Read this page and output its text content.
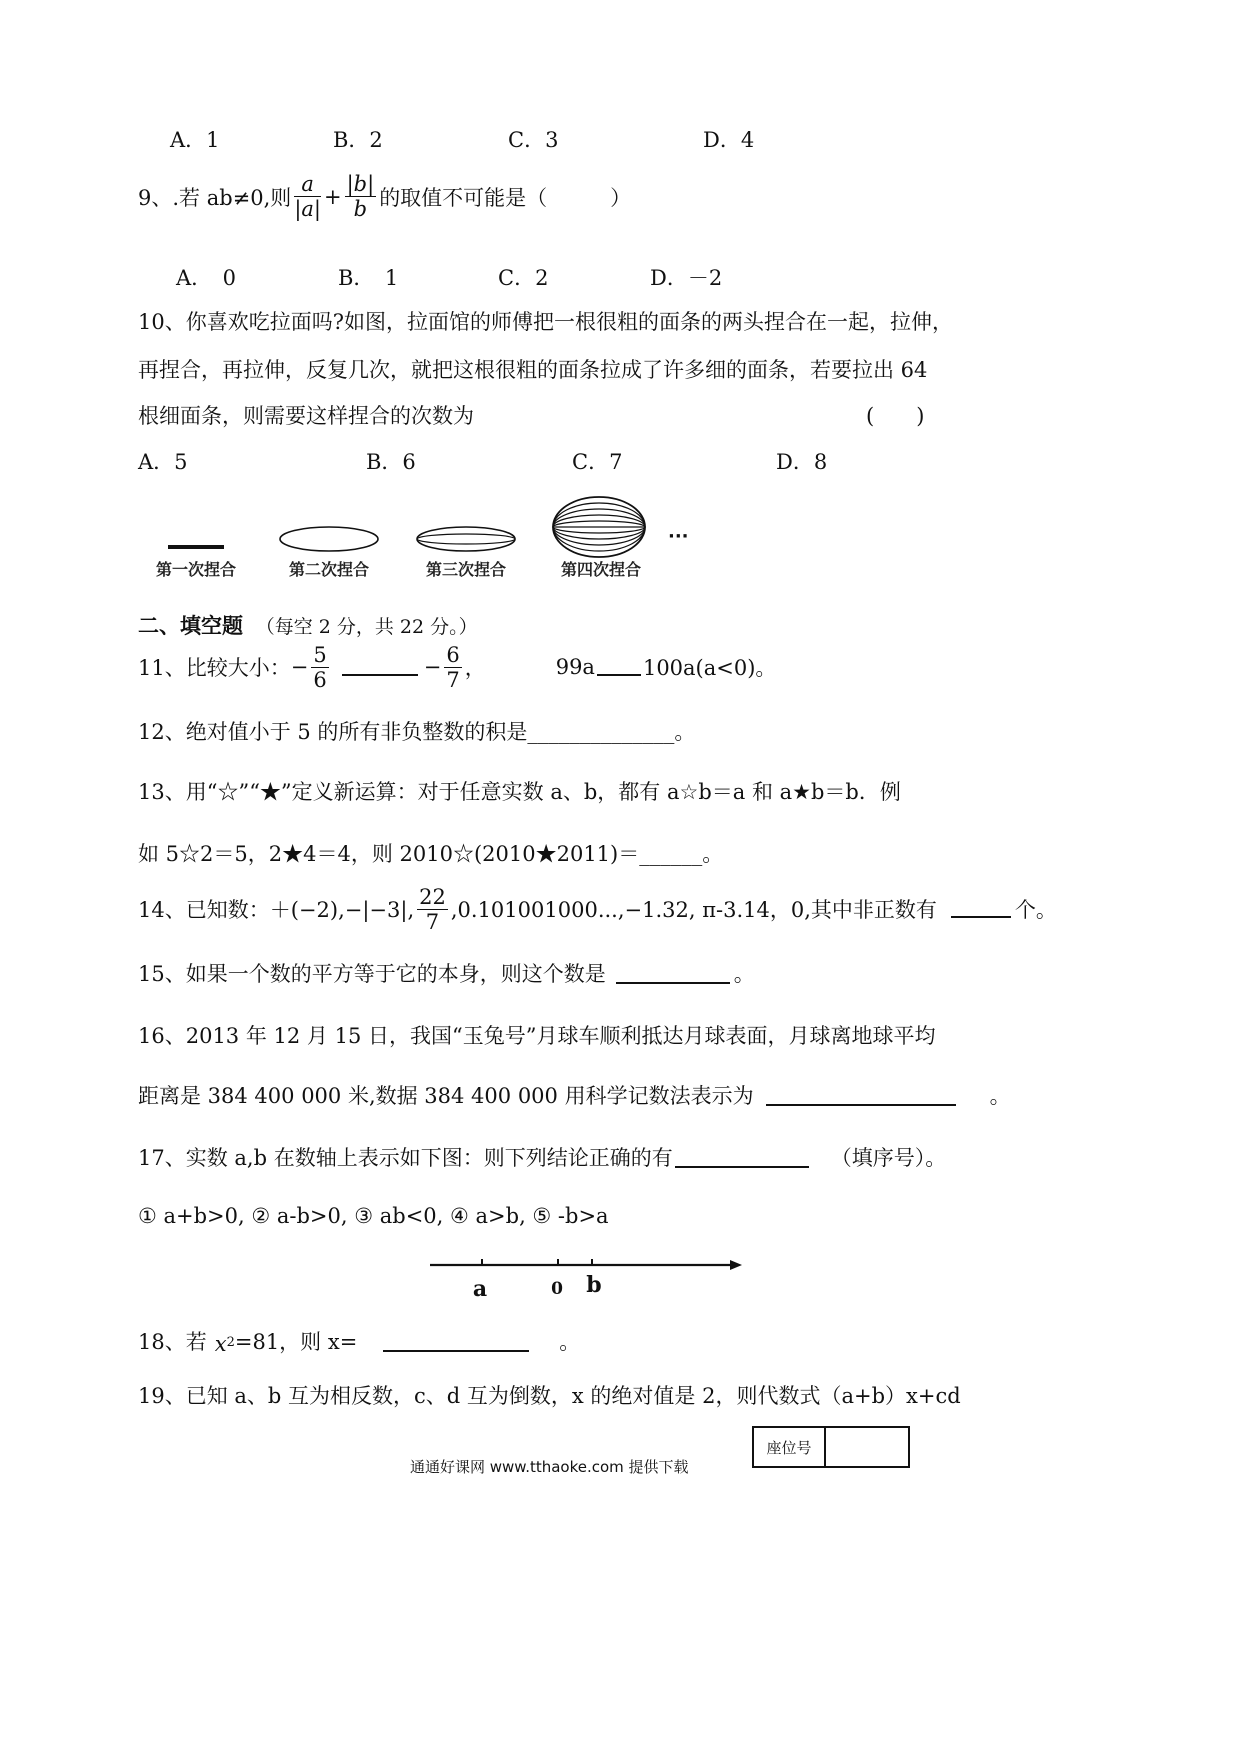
A．1	B．2	C．3	D．4
9、.若 ab≠0,则 $\frac{a}{|a|} + \frac{|b|}{b}$ 的取值不可能是（　　　）
A．　0	B．　1	C．2	D．－2
10、你喜欢吃拉面吗?如图，拉面馆的师傅把一根很粗的面条的两头捏合在一起，拉伸，
再捏合，再拉伸，反复几次，就把这根很粗的面条拉成了许多细的面条，若要拉出 64
根细面条，则需要这样捏合的次数为	(　　)
A．5	B．6	C．7	D．8
···
第一次捏合	第二次捏合	第三次捏合	第四次捏合
二、填空题 （每空 2 分，共 22 分。）
11、比较大小： − $\frac{5}{6}$	− $\frac{6}{7}$ ，	99a 100a(a<0)。
12、绝对值小于 5 的所有非负整数的积是______________。
13、用“☆”“★”定义新运算：对于任意实数 a、b，都有 a☆b＝a 和 a★b＝b．例
如 5☆2＝5，2★4＝4，则 2010☆(2010★2011)＝______。
14、已知数：＋(−2),−|−3|, $\frac{22}{7} ,0.101001000...,-1.32$, π-3.14，0,其中非正数有	个。
15、如果一个数的平方等于它的本身，则这个数是	。
16、2013 年 12 月 15 日，我国“玉兔号”月球车顺利抵达月球表面，月球离地球平均
距离是 384 400 000 米,数据 384 400 000 用科学记数法表示为	。
17、实数 a,b 在数轴上表示如下图：则下列结论正确的有	（填序号）。
① a+b>0, ② a-b>0, ③ ab<0, ④ a>b, ⑤ -b>a
a	0 b
18、若 $x^2 =81$，则 x=	。
19、已知 a、b 互为相反数，c、d 互为倒数，x 的绝对值是 2，则代数式（a+b）x+cd
通通好课网 www.tthaoke.com 提供下载
座位号
